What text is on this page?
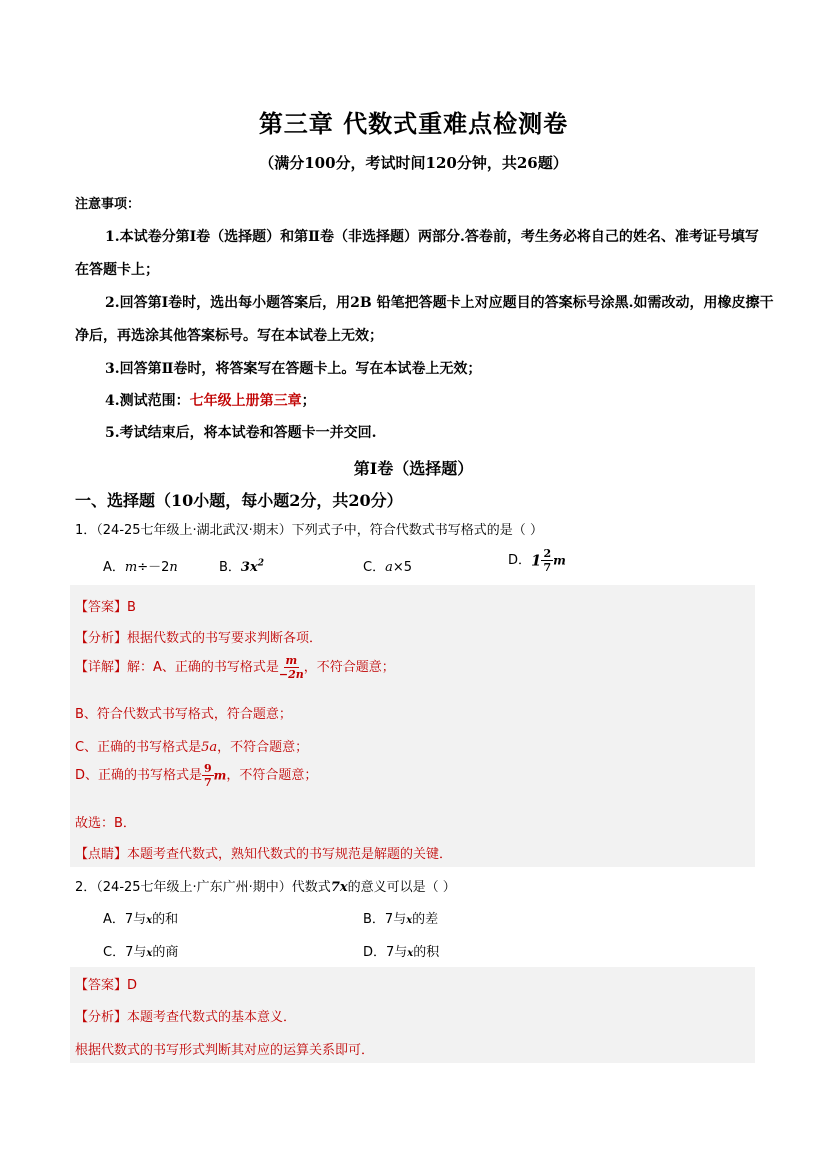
第三章 代数式重难点检测卷
（满分100分，考试时间120分钟，共26题）
注意事项：
1.本试卷分第Ⅰ卷（选择题）和第Ⅱ卷（非选择题）两部分.答卷前，考生务必将自己的姓名、准考证号填写
在答题卡上；
2.回答第Ⅰ卷时，选出每小题答案后，用2B 铅笔把答题卡上对应题目的答案标号涂黑.如需改动，用橡皮擦干
净后，再选涂其他答案标号。写在本试卷上无效；
3.回答第Ⅱ卷时，将答案写在答题卡上。写在本试卷上无效；
4.测试范围：七年级上册第三章；
5.考试结束后，将本试卷和答题卡一并交回.
第Ⅰ卷（选择题）
一、选择题（10小题，每小题2分，共20分）
1．（24-25七年级上·湖北武汉·期末）下列式子中，符合代数式书写格式的是（ ）
A．m÷－2n	B．$3x^2$	C．a×5	D．$1 \frac{2}{7}$ m
【答案】B
【分析】根据代数式的书写要求判断各项．
【详解】解：A、正确的书写格式是 $\frac{m}{-2n}$ ，不符合题意；
B、符合代数式书写格式，符合题意；
C、正确的书写格式是5a，不符合题意；
D、正确的书写格式是 $\frac{9}{7}$ m，不符合题意；
故选：B．
【点睛】本题考查代数式，熟知代数式的书写规范是解题的关键．
2．（24-25七年级上·广东广州·期中）代数式7x的意义可以是（ ）
A．7与x的和	B．7与x的差
C．7与x的商	D．7与x的积
【答案】D
【分析】本题考查代数式的基本意义．
根据代数式的书写形式判断其对应的运算关系即可．
